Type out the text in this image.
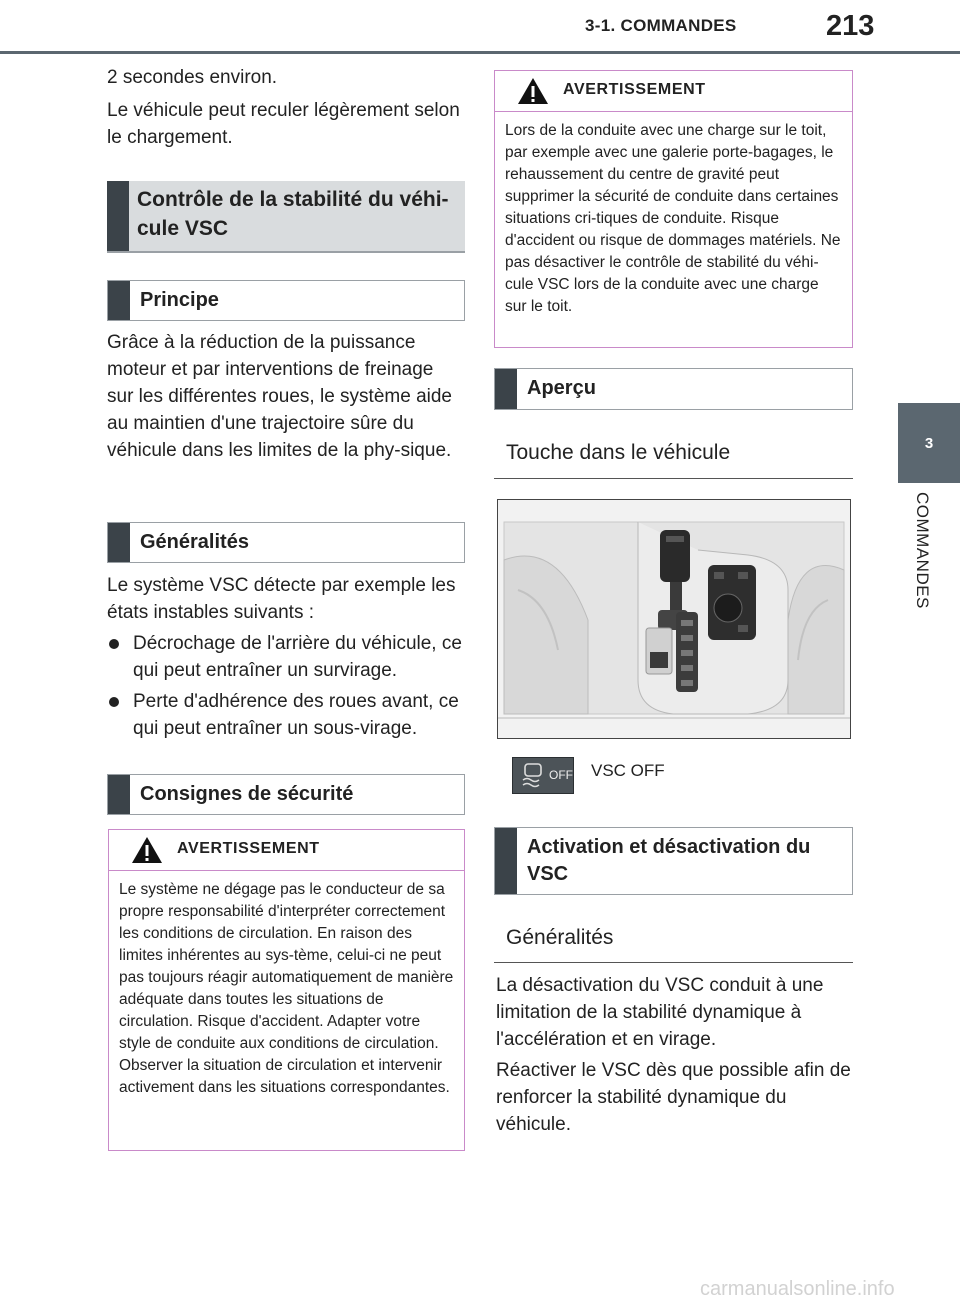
3-1. COMMANDES	213
3
COMMANDES

2 secondes environ.

Le véhicule peut reculer légèrement selon le chargement.

Contrôle de la stabilité du véhi-cule VSC
Principe

Grâce à la réduction de la puissance moteur et par interventions de freinage sur les différentes roues, le système aide au maintien d'une trajectoire sûre du véhicule dans les limites de la phy-sique.

Généralités

Le système VSC détecte par exemple les états instables suivants :

Décrochage de l'arrière du véhicule, ce qui peut entraîner un survirage.
Perte d'adhérence des roues avant, ce qui peut entraîner un sous-virage.
Consignes de sécurité
AVERTISSEMENT
Le système ne dégage pas le conducteur de sa propre responsabilité d'interpréter correctement les conditions de circulation. En raison des limites inhérentes au sys-tème, celui-ci ne peut pas toujours réagir automatiquement de manière adéquate dans toutes les situations de circulation. Risque d'accident. Adapter votre style de conduite aux conditions de circulation. Observer la situation de circulation et intervenir activement dans les situations correspondantes.
AVERTISSEMENT
Lors de la conduite avec une charge sur le toit, par exemple avec une galerie porte-bagages, le rehaussement du centre de gravité peut supprimer la sécurité de conduite dans certaines situations cri-tiques de conduite. Risque d'accident ou risque de dommages matériels. Ne pas désactiver le contrôle de stabilité du véhi-cule VSC lors de la conduite avec une charge sur le toit.
Aperçu
Touche dans le véhicule
OFF VSC OFF
Activation et désactivation du VSC
Généralités

La désactivation du VSC conduit à une limitation de la stabilité dynamique à l'accélération et en virage.

Réactiver le VSC dès que possible afin de renforcer la stabilité dynamique du véhicule.

carmanualsonline.info
